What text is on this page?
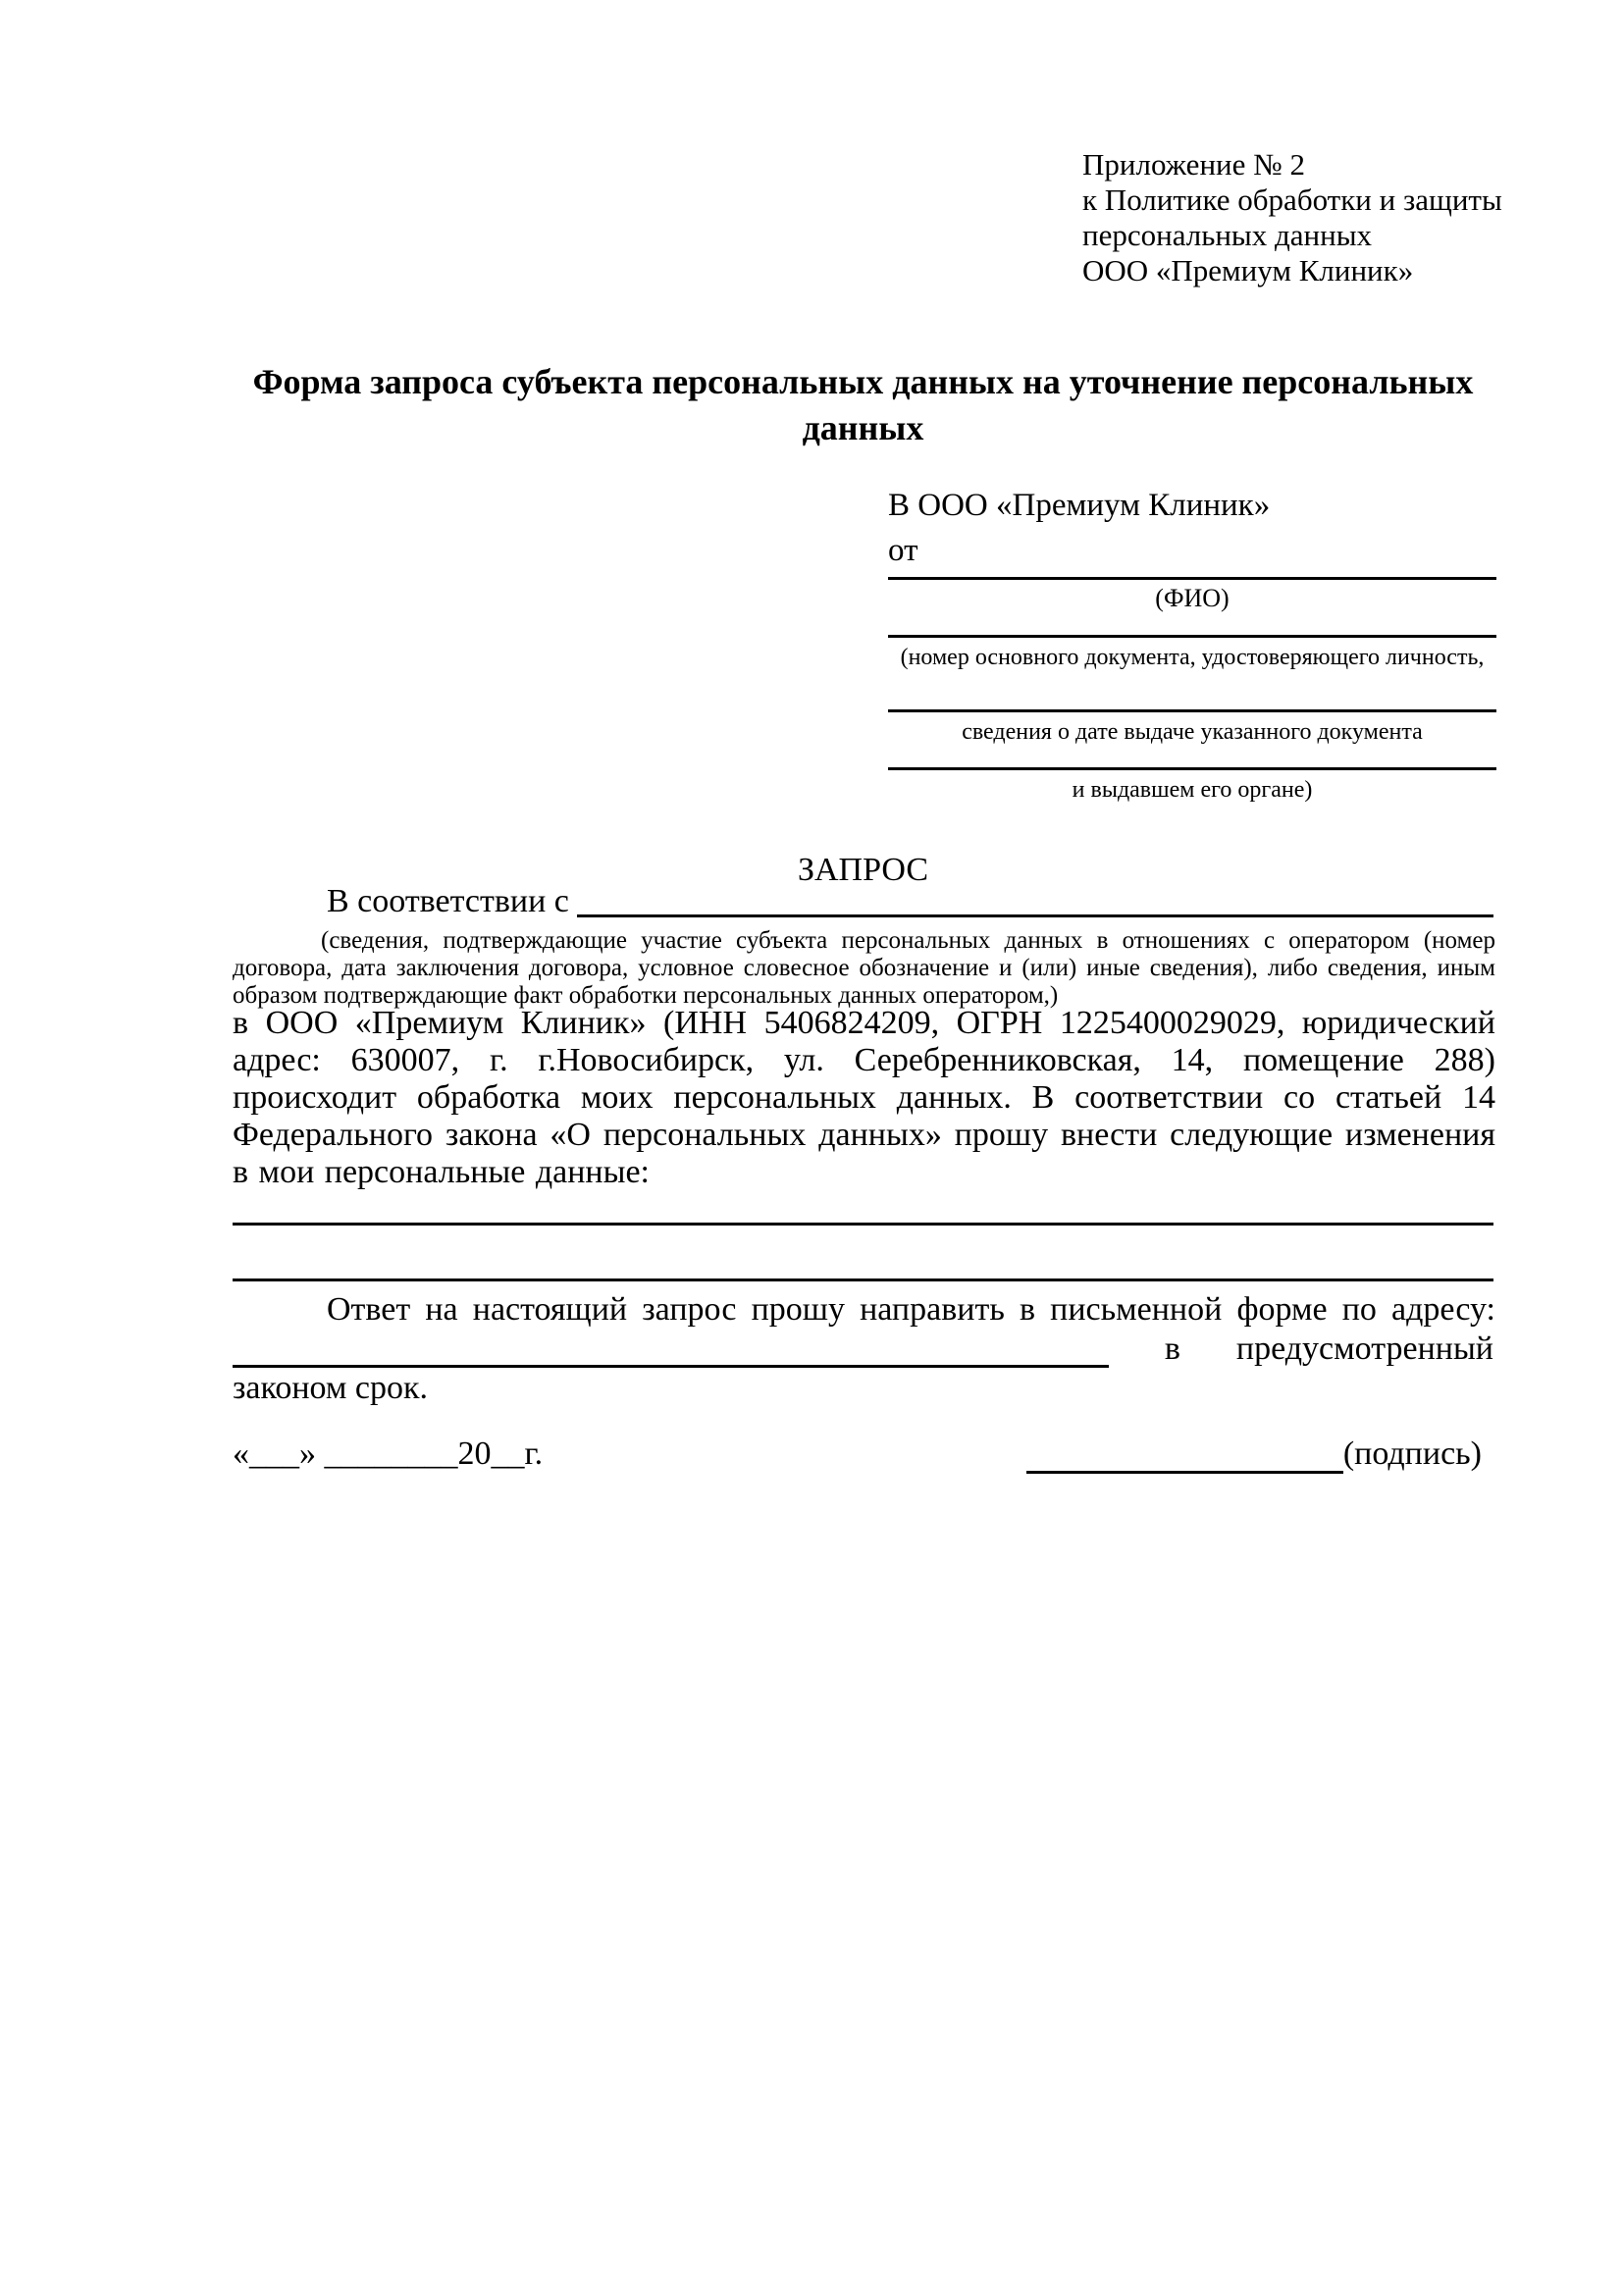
Приложение № 2
к Политике обработки и защиты
персональных данных
ООО «Премиум Клиник»
Форма запроса субъекта персональных данных на уточнение персональных данных
В ООО «Премиум Клиник»
от
(ФИО)
(номер основного документа, удостоверяющего личность,
сведения о дате выдаче указанного документа
и выдавшем его органе)
ЗАПРОС
В соответствии с

(сведения, подтверждающие участие субъекта персональных данных в отношениях с оператором (номер договора, дата заключения договора, условное словесное обозначение и (или) иные сведения), либо сведения, иным образом подтверждающие факт обработки персональных данных оператором,)

в ООО «Премиум Клиник» (ИНН 5406824209, ОГРН 1225400029029, юридический адрес: 630007, г. г.Новосибирск, ул. Серебренниковская, 14, помещение 288) происходит обработка моих персональных данных. В соответствии со статьей 14 Федерального закона «О персональных данных» прошу внести следующие изменения в мои персональные данные:

Ответ на настоящий запрос прошу направить в письменной форме по адресу:

в предусмотренный
законом срок.
«___» ________20__г.	(подпись)
